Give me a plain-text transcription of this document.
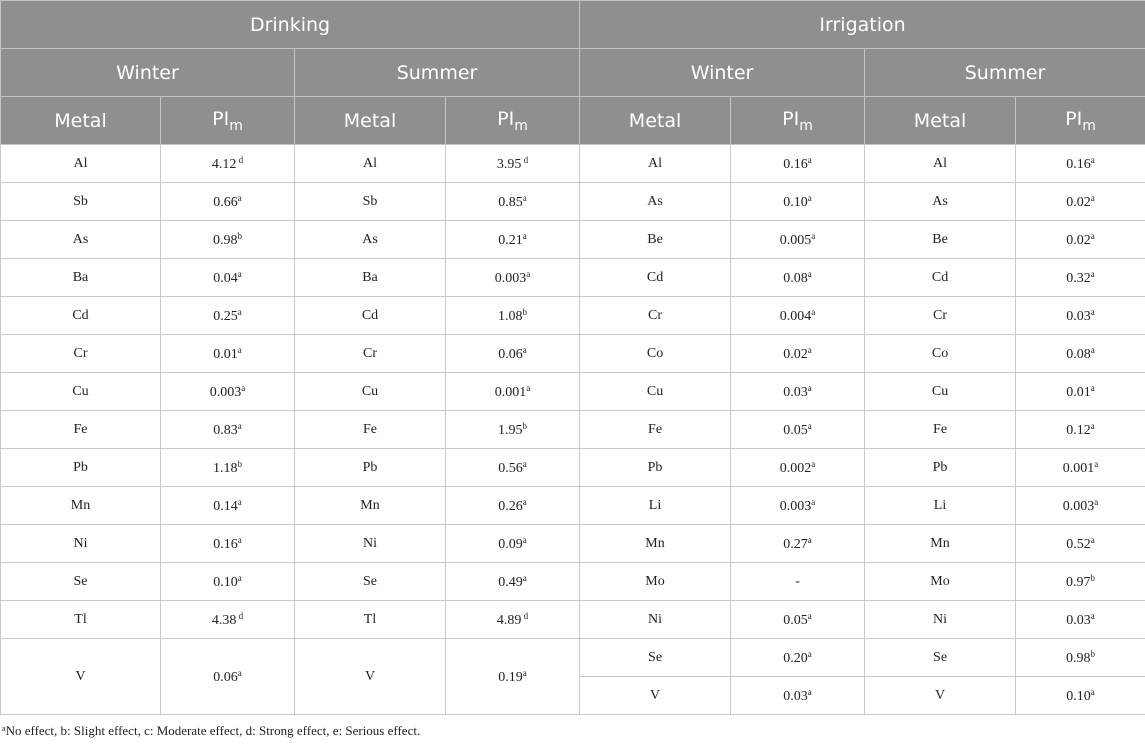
Drinking				Irrigation			
Winter		Summer		Winter		Summer	
Metal	$PI_m$	Metal	$PI_m$	Metal	$PI_m$	Metal	$PI_m$
Al	4.12 $^d$	Al	3.95 $^d$	Al	0.16$^a$	Al	0.16$^a$
Sb	0.66$^a$	Sb	0.85$^a$	As	0.10$^a$	As	0.02$^a$
As	0.98$^b$	As	0.21$^a$	Be	0.005$^a$	Be	0.02$^a$
Ba	0.04$^a$	Ba	0.003$^a$	Cd	0.08$^a$	Cd	0.32$^a$
Cd	0.25$^a$	Cd	1.08$^b$	Cr	0.004$^a$	Cr	0.03$^a$
Cr	0.01$^a$	Cr	0.06$^a$	Co	0.02$^a$	Co	0.08$^a$
Cu	0.003$^a$	Cu	0.001$^a$	Cu	0.03$^a$	Cu	0.01$^a$
Fe	0.83$^a$	Fe	1.95$^b$	Fe	0.05$^a$	Fe	0.12$^a$
Pb	1.18$^b$	Pb	0.56$^a$	Pb	0.002$^a$	Pb	0.001$^a$
Mn	0.14$^a$	Mn	0.26$^a$	Li	0.003$^a$	Li	0.003$^a$
Ni	0.16$^a$	Ni	0.09$^a$	Mn	0.27$^a$	Mn	0.52$^a$
Se	0.10$^a$	Se	0.49$^a$	Mo	-	Mo	0.97$^b$
Tl	4.38 $^d$	Tl	4.89 $^d$	Ni	0.05$^a$	Ni	0.03$^a$
V	0.06$^a$	V	0.19$^a$	Se	0.20$^a$	Se	0.98$^b$
				V	0.03$^a$	V	0.10$^a$
$^a$No effect, b: Slight effect, c: Moderate effect, d: Strong effect, e: Serious effect.
